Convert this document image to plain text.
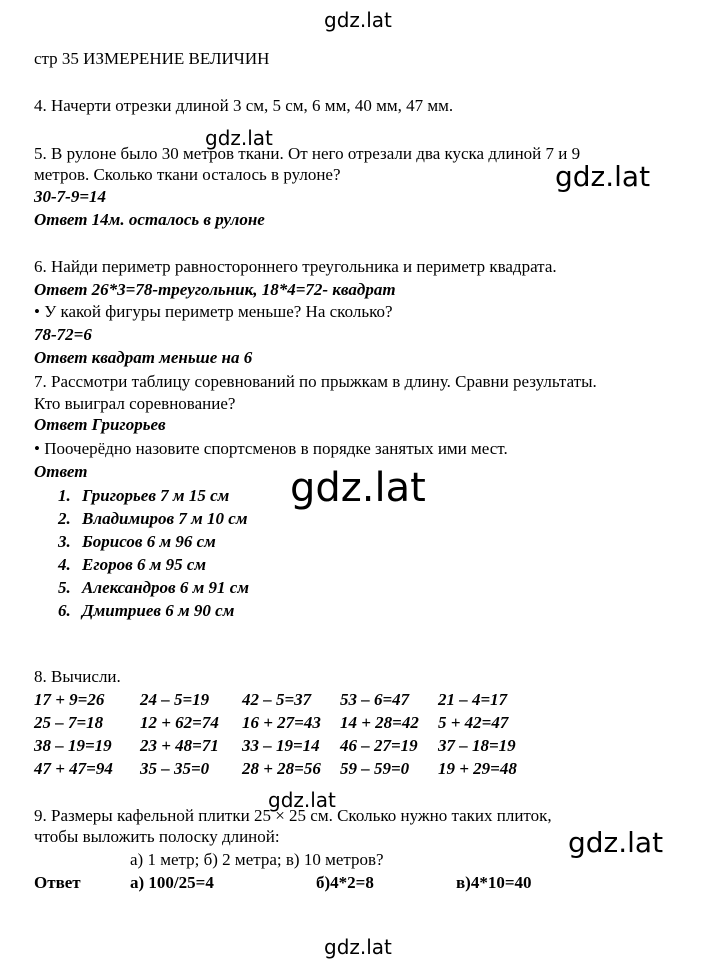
gdz.lat
gdz.lat
gdz.lat
gdz.lat
gdz.lat
gdz.lat
gdz.lat
стр 35 ИЗМЕРЕНИЕ ВЕЛИЧИН
4. Начерти отрезки длиной 3 см, 5 см, 6 мм, 40 мм, 47 мм.
5. В рулоне было 30 метров ткани. От него отрезали два куска длиной 7 и 9
метров. Сколько ткани осталось в рулоне?
30-7-9=14
Ответ 14м. осталось в рулоне
6. Найди периметр равностороннего треугольника и периметр квадрата.
Ответ 26*3=78-треугольник, 18*4=72- квадрат
• У какой фигуры периметр меньше? На сколько?
78-72=6
Ответ квадрат меньше на 6
7. Рассмотри таблицу соревнований по прыжкам в длину. Сравни результаты.
Кто выиграл соревнование?
Ответ Григорьев
• Поочерёдно назовите спортсменов в порядке занятых ими мест.
Ответ
1. Григорьев 7 м 15 см
2. Владимиров 7 м 10 см
3. Борисов 6 м 96 см
4. Егоров 6 м 95 см
5. Александров 6 м 91 см
6. Дмитриев 6 м 90 см
8. Вычисли.
17 + 9=26 24 – 5=19 42 – 5=37 53 – 6=47 21 – 4=17
25 – 7=18 12 + 62=74 16 + 27=43 14 + 28=42 5 + 42=47
38 – 19=19 23 + 48=71 33 – 19=14 46 – 27=19 37 – 18=19
47 + 47=94 35 – 35=0 28 + 28=56 59 – 59=0 19 + 29=48
9. Размеры кафельной плитки 25 × 25 см. Сколько нужно таких плиток,
чтобы выложить полоску длиной:
а) 1 метр; б) 2 метра; в) 10 метров?
Ответ	а) 100/25=4	б)4*2=8	в)4*10=40
